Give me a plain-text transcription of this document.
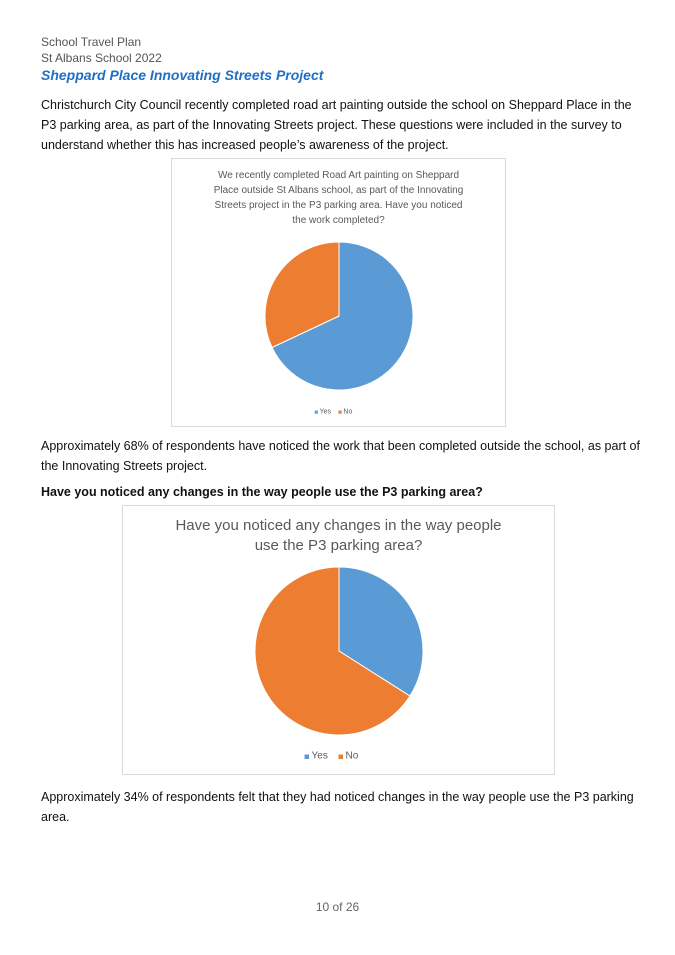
School Travel Plan
St Albans School 2022
Sheppard Place Innovating Streets Project
Christchurch City Council recently completed road art painting outside the school on Sheppard Place in the P3 parking area, as part of the Innovating Streets project. These questions were included in the survey to understand whether this has increased people’s awareness of the project.
We recently completed Road Art painting on Sheppard Place outside St Albans school, as part of the Innovating Streets project in the P3 parking area. Have you noticed the work completed?
Yes No
Approximately 68% of respondents have noticed the work that been completed outside the school, as part of the Innovating Streets project.
Have you noticed any changes in the way people use the P3 parking area?
Have you noticed any changes in the way people use the P3 parking area?
Yes No
Approximately 34% of respondents felt that they had noticed changes in the way people use the P3 parking area.
10 of 26
